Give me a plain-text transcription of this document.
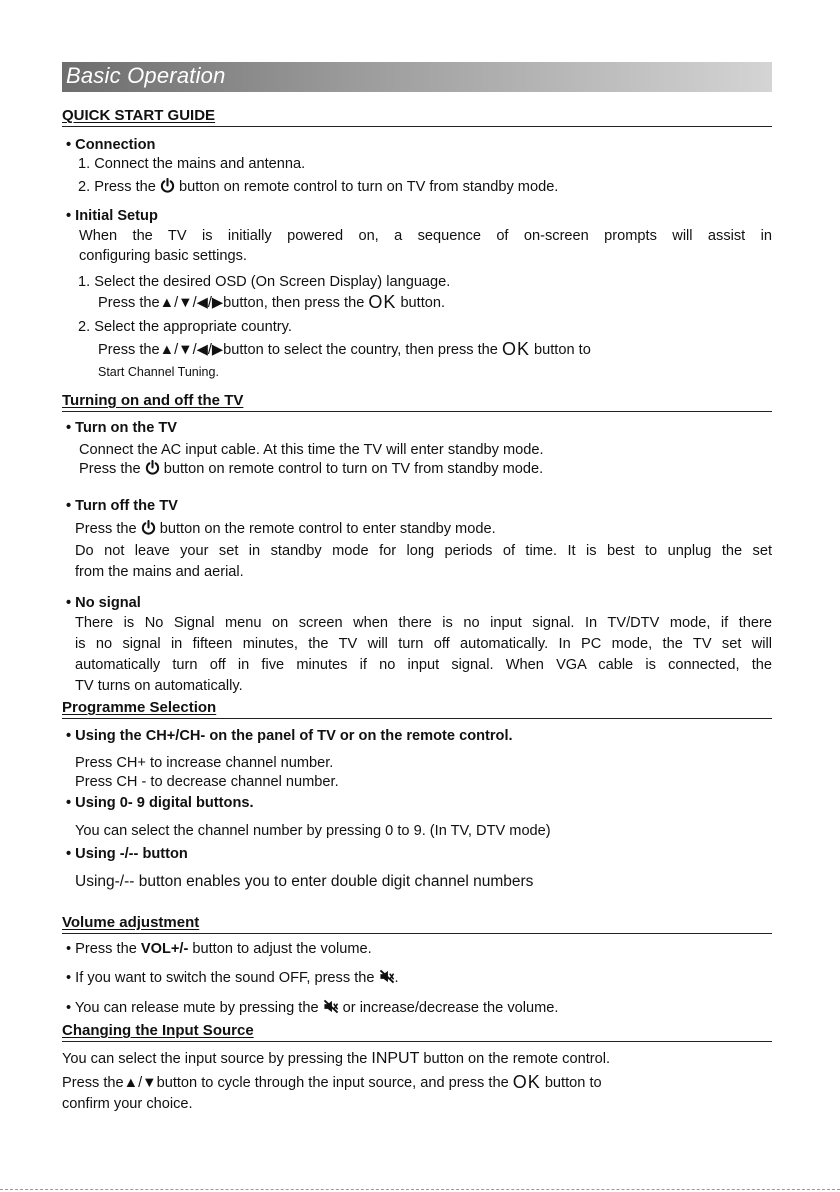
Basic Operation
QUICK START GUIDE
• Connection
1. Connect the mains and antenna.
2. Press the  button on remote control to turn on TV from standby mode.
• Initial Setup
When the TV is initially powered on, a sequence of on-screen prompts will assist in
configuring basic settings.
1. Select the desired OSD (On Screen Display) language.
Press the▲/▼/◀/▶button, then press the OK button.
2. Select the appropriate country.
Press the▲/▼/◀/▶button to select the country, then press the OK button to
Start Channel Tuning.
Turning on and off the TV
• Turn on the TV
Connect the AC input cable. At this time the TV will enter standby mode.
Press the  button on remote control to turn on TV from standby mode.
• Turn off the TV
Press the  button on the remote control to enter standby mode.
Do not leave your set in standby mode for long periods of time. It is best to unplug the set
from the mains and aerial.
• No signal
There is No Signal menu on screen when there is no input signal. In TV/DTV mode, if there
is no signal in fifteen minutes, the TV will turn off automatically. In PC mode, the TV set will
automatically turn off in five minutes if no input signal. When VGA cable is connected, the
TV turns on automatically.
Programme Selection
• Using the CH+/CH- on the panel of TV or on the remote control.
Press CH+ to increase channel number.
Press CH - to decrease channel number.
• Using 0- 9 digital buttons.
You can select the channel number by pressing 0 to 9. (In TV, DTV mode)
• Using -/-- button
Using-/-- button enables you to enter double digit channel numbers
Volume adjustment
• Press the VOL+/- button to adjust the volume.
• If you want to switch the sound OFF, press the .
• You can release mute by pressing the  or increase/decrease the volume.
Changing the Input Source
You can select the input source by pressing the INPUT button on the remote control.
Press the▲/▼button to cycle through the input source, and press the OK button to
confirm your choice.
